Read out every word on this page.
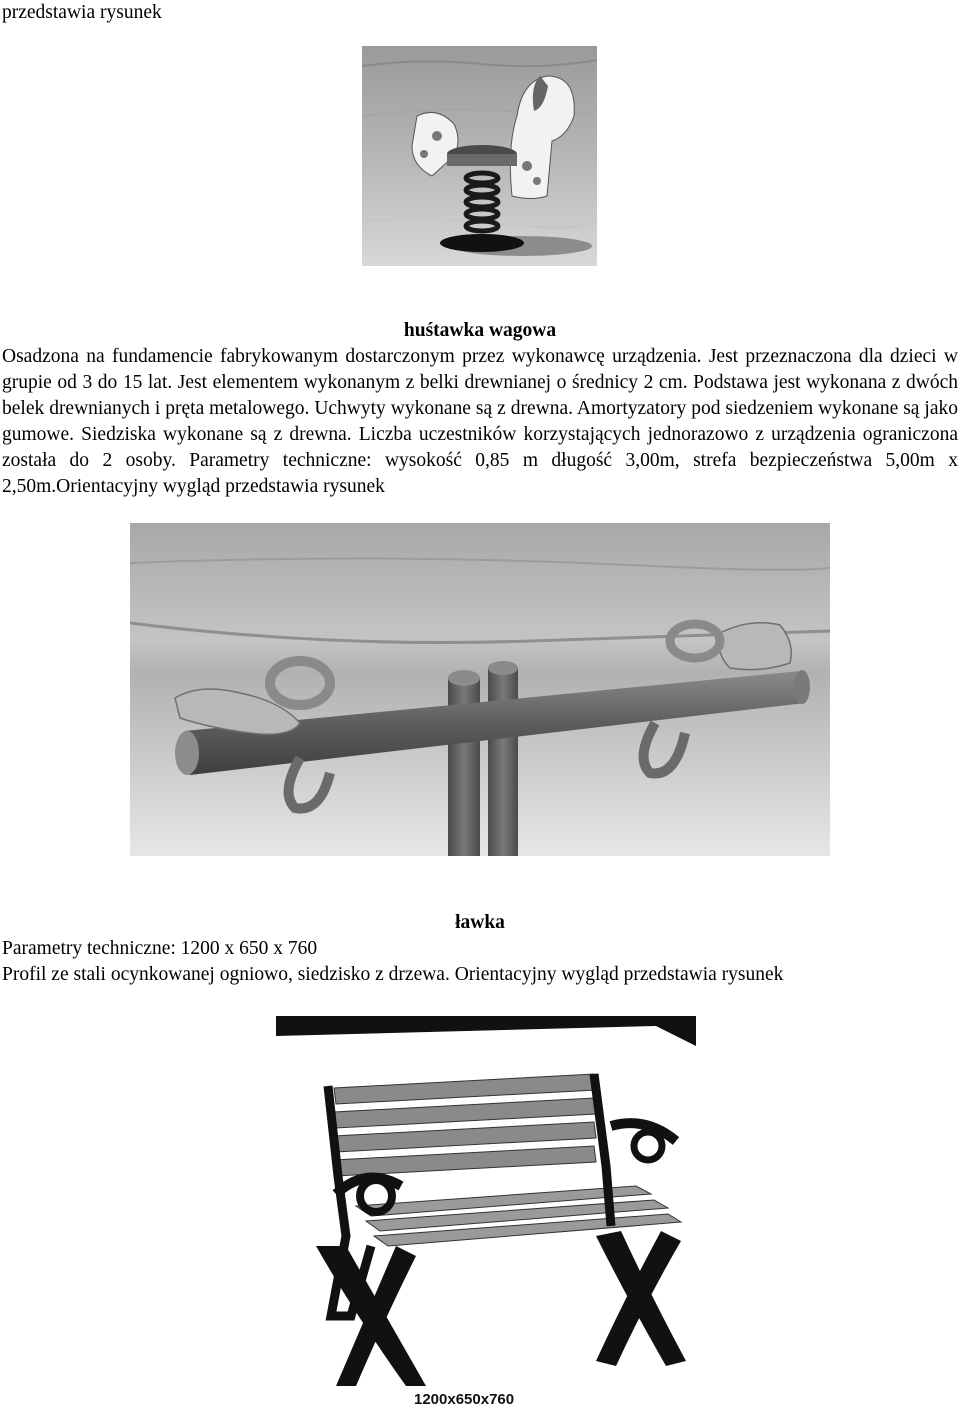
przedstawia rysunek
huśtawka wagowa
Osadzona na fundamencie fabrykowanym dostarczonym przez wykonawcę urządzenia. Jest przeznaczona dla dzieci w grupie od 3 do 15 lat. Jest elementem wykonanym z belki drewnianej o średnicy 2 cm. Podstawa jest wykonana z dwóch belek drewnianych i pręta metalowego. Uchwyty wykonane są z drewna. Amortyzatory pod siedzeniem wykonane są jako gumowe. Siedziska wykonane są z drewna. Liczba uczestników korzystających jednorazowo z urządzenia ograniczona została do 2 osoby. Parametry techniczne: wysokość 0,85 m długość 3,00m, strefa bezpieczeństwa 5,00m x 2,50m.Orientacyjny wygląd przedstawia rysunek
ławka
Parametry techniczne: 1200 x 650 x 760
Profil ze stali ocynkowanej ogniowo, siedzisko z drzewa. Orientacyjny wygląd przedstawia rysunek
1200x650x760
